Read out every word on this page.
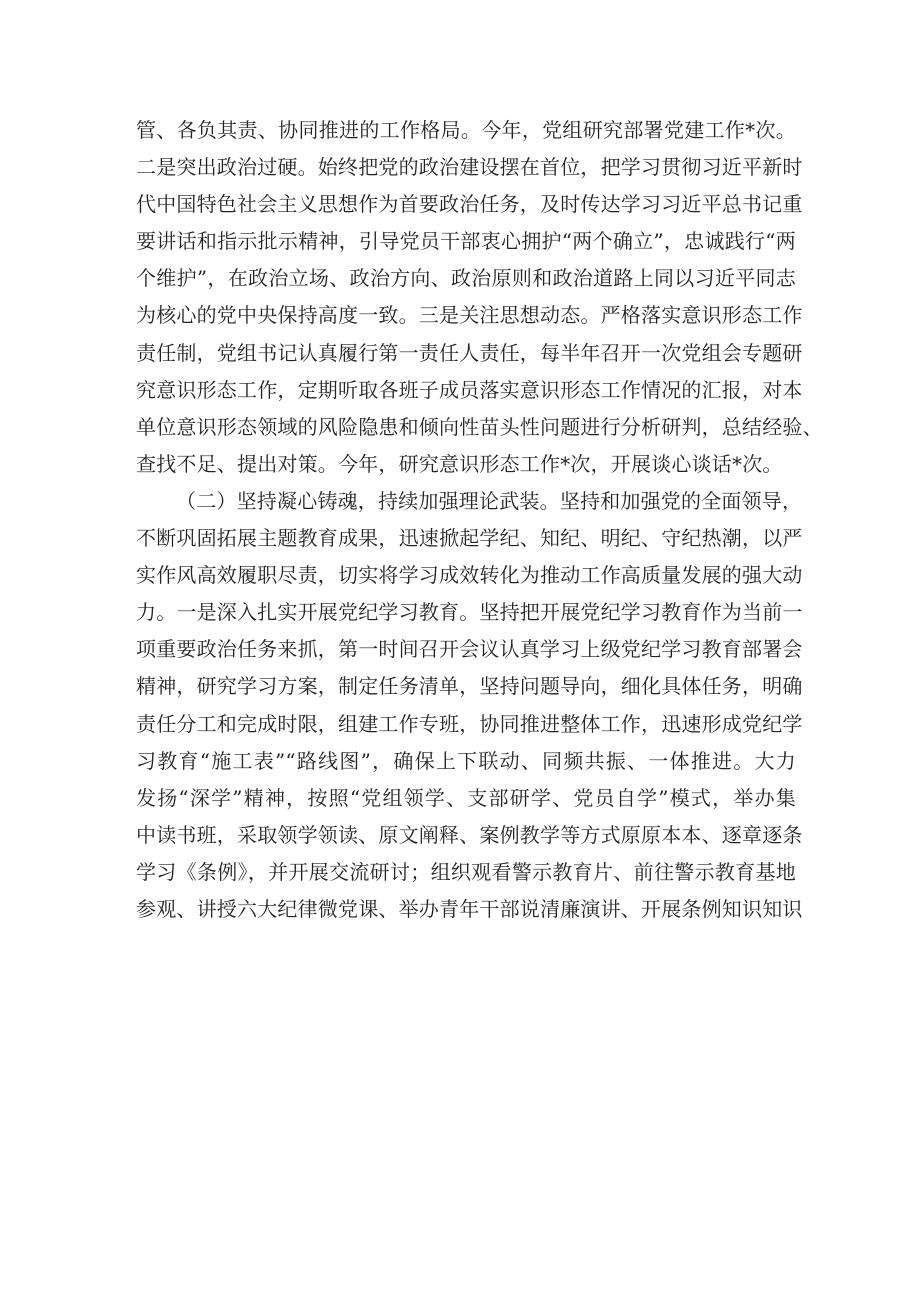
管、各负其责、协同推进的工作格局。今年，党组研究部署党建工作*次。
二是突出政治过硬。始终把党的政治建设摆在首位，把学习贯彻习近平新时
代中国特色社会主义思想作为首要政治任务，及时传达学习习近平总书记重
要讲话和指示批示精神，引导党员干部衷心拥护“两个确立”，忠诚践行“两
个维护”，在政治立场、政治方向、政治原则和政治道路上同以习近平同志
为核心的党中央保持高度一致。三是关注思想动态。严格落实意识形态工作
责任制，党组书记认真履行第一责任人责任，每半年召开一次党组会专题研
究意识形态工作，定期听取各班子成员落实意识形态工作情况的汇报，对本
单位意识形态领域的风险隐患和倾向性苗头性问题进行分析研判，总结经验、
查找不足、提出对策。今年，研究意识形态工作*次，开展谈心谈话*次。
（二）坚持凝心铸魂，持续加强理论武装。坚持和加强党的全面领导，
不断巩固拓展主题教育成果，迅速掀起学纪、知纪、明纪、守纪热潮，以严
实作风高效履职尽责，切实将学习成效转化为推动工作高质量发展的强大动
力。一是深入扎实开展党纪学习教育。坚持把开展党纪学习教育作为当前一
项重要政治任务来抓，第一时间召开会议认真学习上级党纪学习教育部署会
精神，研究学习方案，制定任务清单，坚持问题导向，细化具体任务，明确
责任分工和完成时限，组建工作专班，协同推进整体工作，迅速形成党纪学
习教育“施工表”“路线图”，确保上下联动、同频共振、一体推进。大力
发扬“深学”精神，按照“党组领学、支部研学、党员自学”模式，举办集
中读书班，采取领学领读、原文阐释、案例教学等方式原原本本、逐章逐条
学习《条例》，并开展交流研讨；组织观看警示教育片、前往警示教育基地
参观、讲授六大纪律微党课、举办青年干部说清廉演讲、开展条例知识知识
